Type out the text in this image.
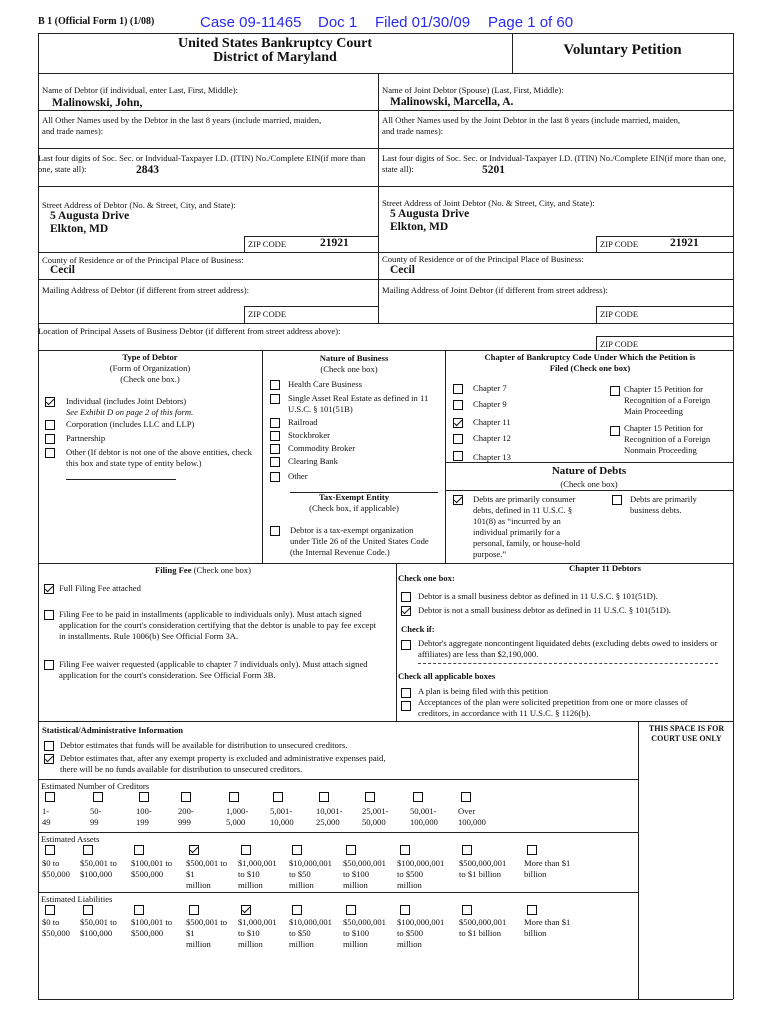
B 1 (Official Form 1) (1/08)	Case 09-11465 Doc 1 Filed 01/30/09 Page 1 of 60
United States Bankruptcy Court
District of Maryland	Voluntary Petition
Name of Debtor (if individual, enter Last, First, Middle):
Malinowski, John,
Name of Joint Debtor (Spouse) (Last, First, Middle):
Malinowski, Marcella, A.
All Other Names used by the Debtor in the last 8 years (include married, maiden, and trade names):
All Other Names used by the Joint Debtor in the last 8 years (include married, maiden, and trade names):
Last four digits of Soc. Sec. or Indvidual-Taxpayer I.D. (ITIN) No./Complete EIN(if more than one, state all):	2843
Last four digits of Soc. Sec. or Indvidual-Taxpayer I.D. (ITIN) No./Complete EIN(if more than one, state all):	5201
Street Address of Debtor (No. & Street, City, and State):
5 Augusta Drive
Elkton, MD
Street Address of Joint Debtor (No. & Street, City, and State):
5 Augusta Drive
Elkton, MD
ZIP CODE	21921	ZIP CODE	21921
County of Residence or of the Principal Place of Business:
Cecil
County of Residence or of the Principal Place of Business:
Cecil
Mailing Address of Debtor (if different from street address):	Mailing Address of Joint Debtor (if different from street address):
ZIP CODE	ZIP CODE
Location of Principal Assets of Business Debtor (if different from street address above):
ZIP CODE
Type of Debtor
(Form of Organization)
(Check one box.)
Individual (includes Joint Debtors)
See Exhibit D on page 2 of this form.
Corporation (includes LLC and LLP)
Partnership
Other (If debtor is not one of the above entities, check this box and state type of entity below.)
Nature of Business
(Check one box)
Health Care Business
Single Asset Real Estate as defined in 11 U.S.C. § 101(51B)
Railroad
Stockbroker
Commodity Broker
Clearing Bank
Other
Tax-Exempt Entity
(Check box, if applicable)
Debtor is a tax-exempt organization under Title 26 of the United States Code (the Internal Revenue Code.)
Chapter of Bankruptcy Code Under Which the Petition is Filed (Check one box)
Chapter 7
Chapter 9
Chapter 11
Chapter 12
Chapter 13
Chapter 15 Petition for Recognition of a Foreign Main Proceeding
Chapter 15 Petition for Recognition of a Foreign Nonmain Proceeding
Nature of Debts
(Check one box)
Debts are primarily consumer debts, defined in 11 U.S.C. § 101(8) as “incurred by an individual primarily for a personal, family, or house-hold purpose.”
Debts are primarily business debts.
Filing Fee (Check one box)
Full Filing Fee attached
Filing Fee to be paid in installments (applicable to individuals only). Must attach signed application for the court's consideration certifying that the debtor is unable to pay fee except in installments. Rule 1006(b) See Official Form 3A.
Filing Fee waiver requested (applicable to chapter 7 individuals only). Must attach signed application for the court's consideration. See Official Form 3B.
Chapter 11 Debtors
Check one box:
Debtor is a small business debtor as defined in 11 U.S.C. § 101(51D).
Debtor is not a small business debtor as defined in 11 U.S.C. § 101(51D).
Check if:
Debtor's aggregate noncontingent liquidated debts (excluding debts owed to insiders or affiliates) are less than $2,190,000.
Check all applicable boxes
A plan is being filed with this petition
Acceptances of the plan were solicited prepetition from one or more classes of creditors, in accordance with 11 U.S.C. § 1126(b).
Statistical/Administrative Information	THIS SPACE IS FOR COURT USE ONLY
Debtor estimates that funds will be available for distribution to unsecured creditors.
Debtor estimates that, after any exempt property is excluded and administrative expenses paid, there will be no funds available for distribution to unsecured creditors.
Estimated Number of Creditors
1-
49
50-
99
100-
199
200-
999
1,000-
5,000
5,001-
10,000
10,001-
25,000
25,001-
50,000
50,001-
100,000
Over
100,000
Estimated Assets
$0 to
$50,000
$50,001 to
$100,000
$100,001 to
$500,000
$500,001 to
$1
million
$1,000,001
to $10
million
$10,000,001
to $50
million
$50,000,001
to $100
million
$100,000,001
to $500
million
$500,000,001
to $1 billion
More than $1
billion
Estimated Liabilities
$0 to
$50,000
$50,001 to
$100,000
$100,001 to
$500,000
$500,001 to
$1
million
$1,000,001
to $10
million
$10,000,001
to $50
million
$50,000,001
to $100
million
$100,000,001
to $500
million
$500,000,001
to $1 billion
More than $1
billion
